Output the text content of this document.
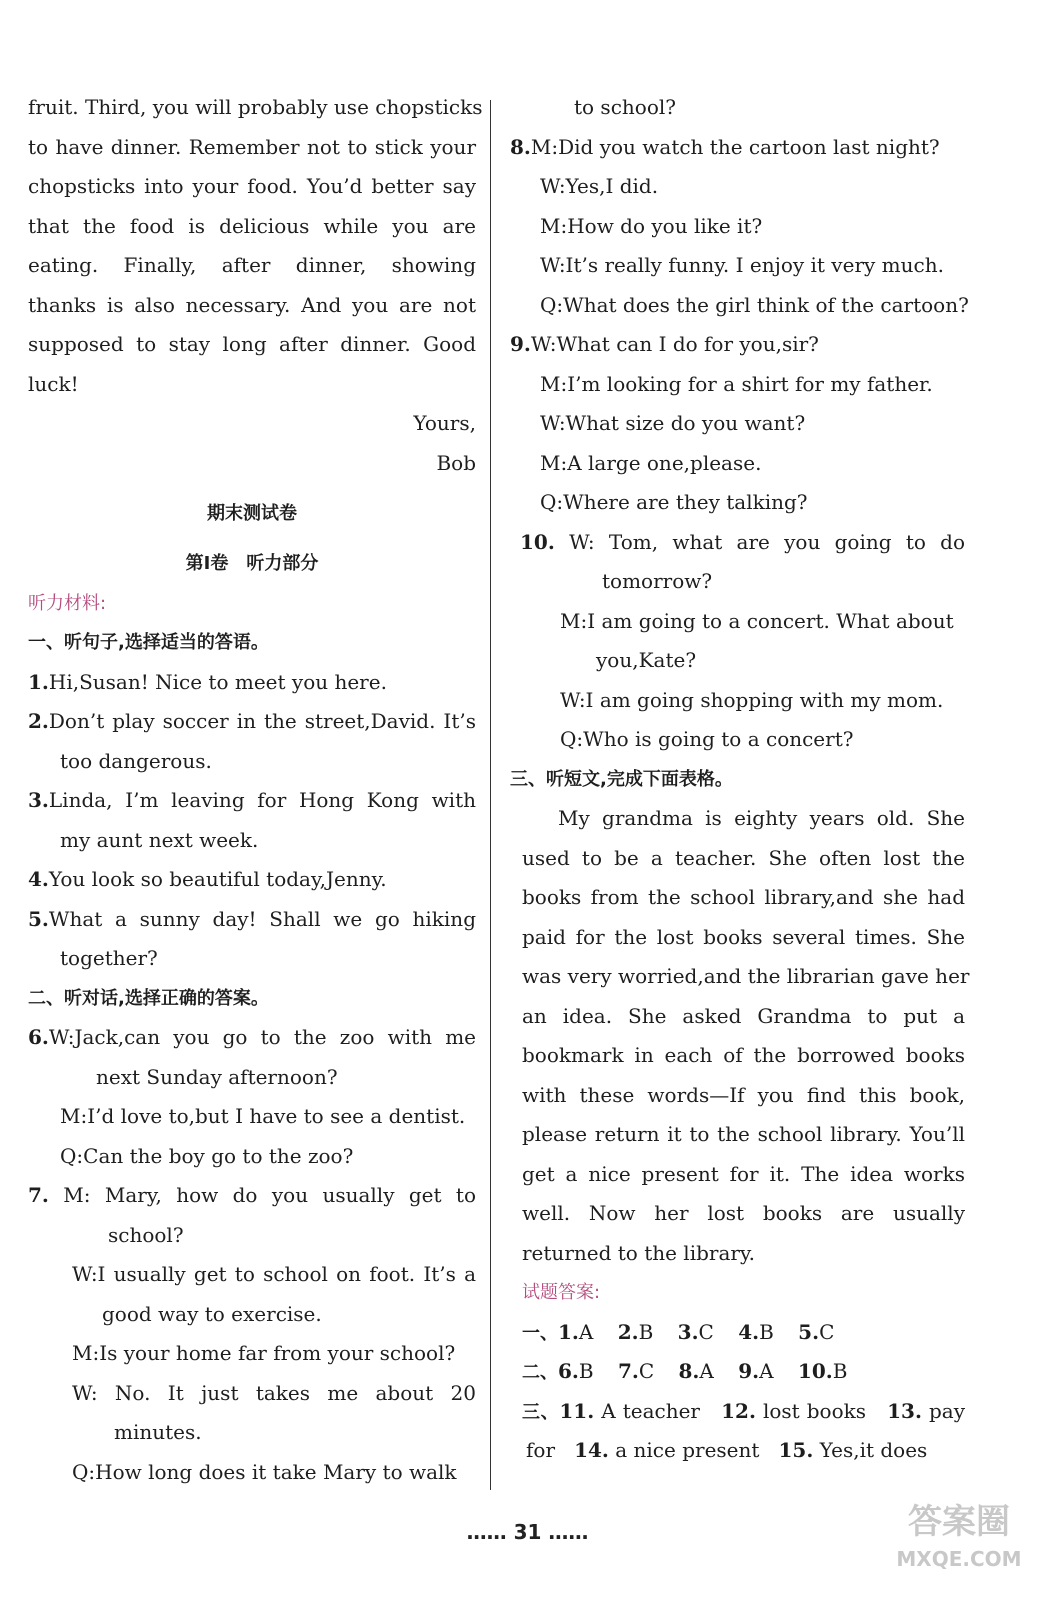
fruit. Third, you will probably use chopsticks
to have dinner. Remember not to stick your
chopsticks into your food. You’d better say
that the food is delicious while you are
eating. Finally, after dinner, showing
thanks is also necessary. And you are not
supposed to stay long after dinner. Good
luck!
Yours,
Bob
期末测试卷
第Ⅰ卷　听力部分
听力材料:
一、听句子,选择适当的答语。
1.Hi,Susan! Nice to meet you here.
2.Don’t play soccer in the street,David. It’s
too dangerous.
3.Linda, I’m leaving for Hong Kong with
my aunt next week.
4.You look so beautiful today,Jenny.
5.What a sunny day! Shall we go hiking
together?
二、听对话,选择正确的答案。
6.W:Jack,can you go to the zoo with me
next Sunday afternoon?
M:I’d love to,but I have to see a dentist.
Q:Can the boy go to the zoo?
7. M: Mary, how do you usually get to
school?
W:I usually get to school on foot. It’s a
good way to exercise.
M:Is your home far from your school?
W: No. It just takes me about 20
minutes.
Q:How long does it take Mary to walk
to school?
8.M:Did you watch the cartoon last night?
W:Yes,I did.
M:How do you like it?
W:It’s really funny. I enjoy it very much.
Q:What does the girl think of the cartoon?
9.W:What can I do for you,sir?
M:I’m looking for a shirt for my father.
W:What size do you want?
M:A large one,please.
Q:Where are they talking?
10. W: Tom, what are you going to do
tomorrow?
M:I am going to a concert. What about
you,Kate?
W:I am going shopping with my mom.
Q:Who is going to a concert?
三、听短文,完成下面表格。
My grandma is eighty years old. She
used to be a teacher. She often lost the
books from the school library,and she had
paid for the lost books several times. She
was very worried,and the librarian gave her
an idea. She asked Grandma to put a
bookmark in each of the borrowed books
with these words—If you find this book,
please return it to the school library. You’ll
get a nice present for it. The idea works
well. Now her lost books are usually
returned to the library.
试题答案:
一、1.A 2.B 3.C 4.B 5.C
二、6.B 7.C 8.A 9.A 10.B
三、11. A teacher 12. lost books 13. pay
for 14. a nice present 15. Yes,it does
…… 31 ……	答案圈
MXQE.COM
